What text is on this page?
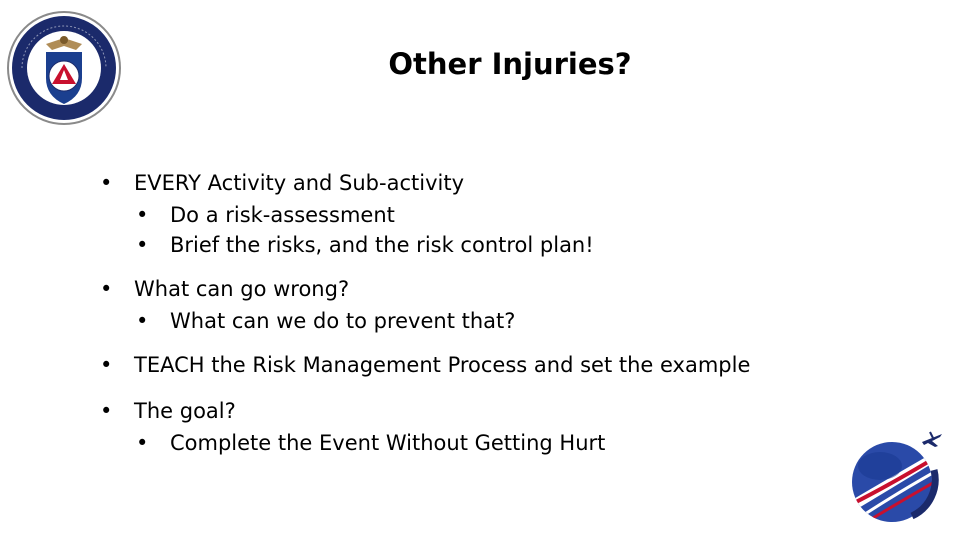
Other Injuries?
• EVERY Activity and Sub-activity
• Do a risk-assessment
• Brief the risks, and the risk control plan!
• What can go wrong?
• What can we do to prevent that?
• TEACH the Risk Management Process and set the example
• The goal?
• Complete the Event Without Getting Hurt
